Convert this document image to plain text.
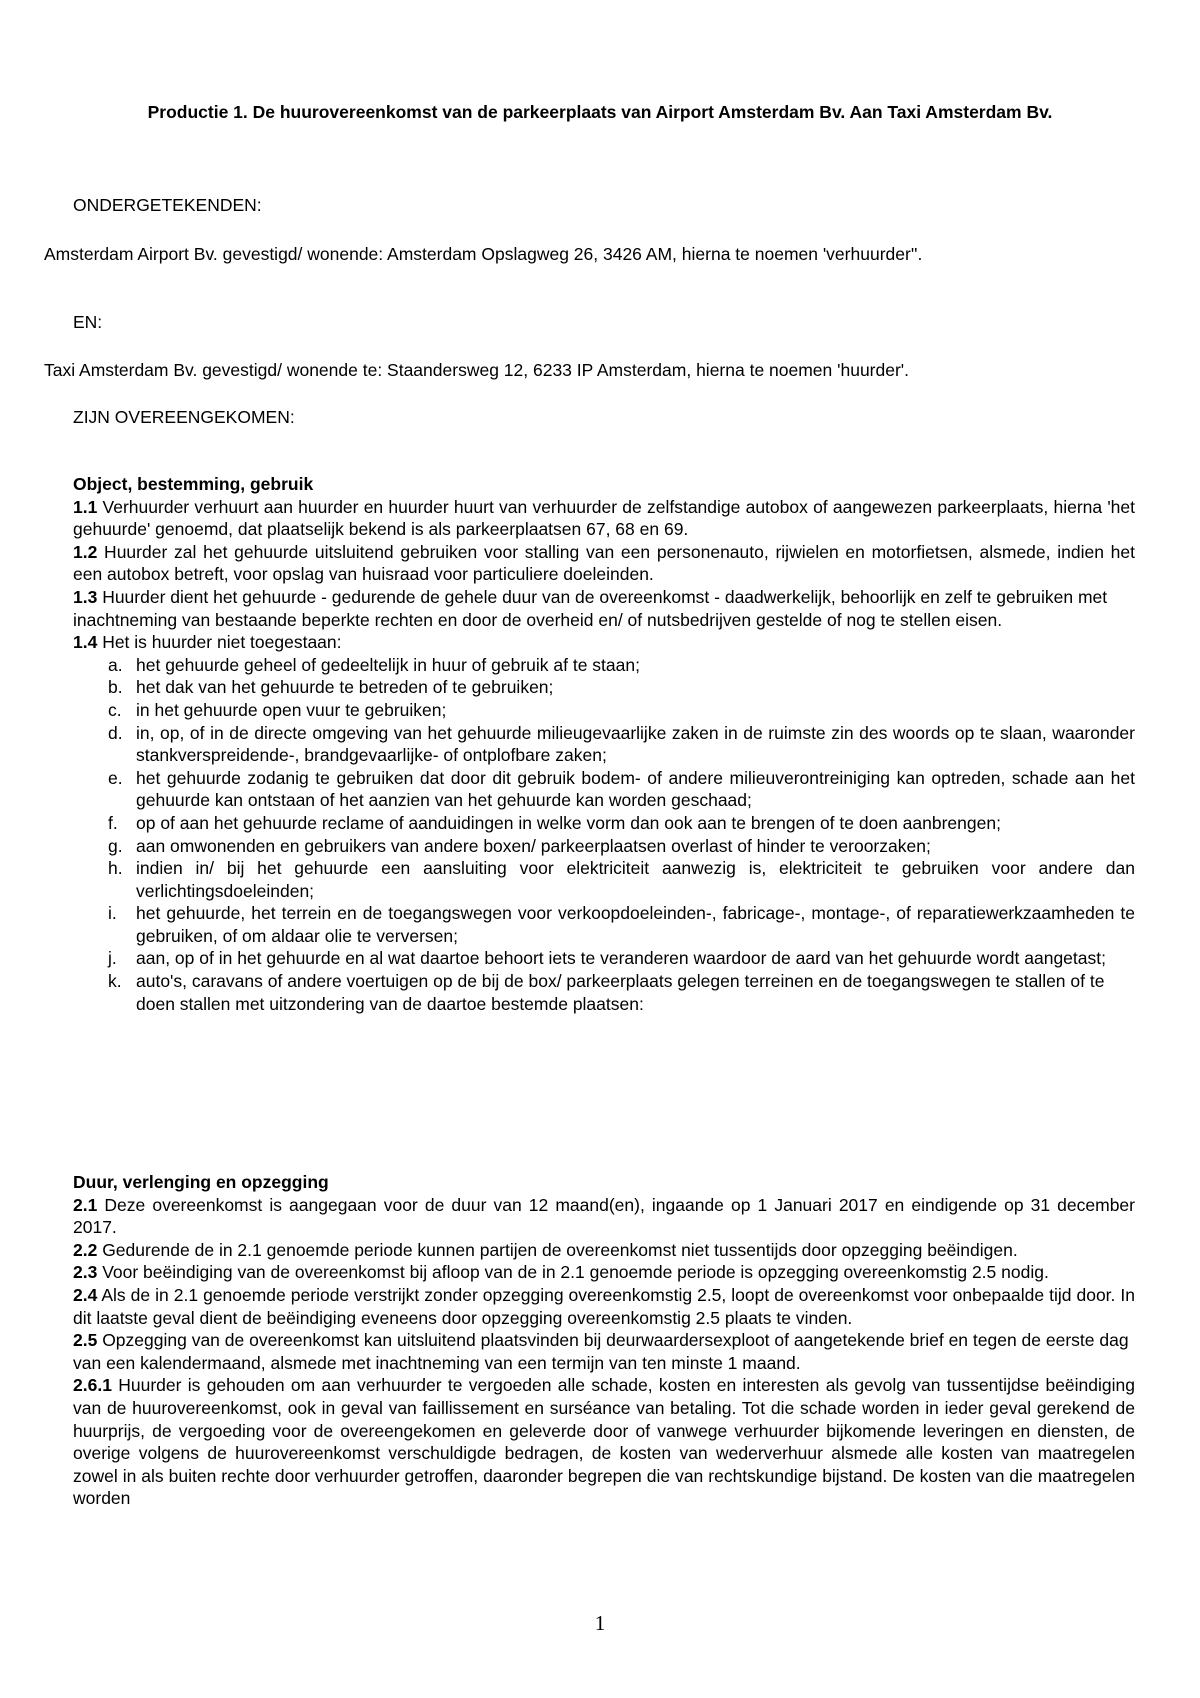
Productie 1. De huurovereenkomst van de parkeerplaats van Airport Amsterdam Bv. Aan Taxi Amsterdam Bv.
ONDERGETEKENDEN:
Amsterdam Airport Bv. gevestigd/ wonende: Amsterdam Opslagweg 26, 3426 AM, hierna te noemen 'verhuurder''.
EN:
Taxi Amsterdam Bv. gevestigd/ wonende te: Staandersweg 12, 6233 IP Amsterdam, hierna te noemen 'huurder'.
ZIJN OVEREENGEKOMEN:
Object, bestemming, gebruik

1.1 Verhuurder verhuurt aan huurder en huurder huurt van verhuurder de zelfstandige autobox of aangewezen parkeerplaats, hierna 'het gehuurde' genoemd, dat plaatselijk bekend is als parkeerplaatsen 67, 68 en 69.

1.2 Huurder zal het gehuurde uitsluitend gebruiken voor stalling van een personenauto, rijwielen en motorfietsen, alsmede, indien het een autobox betreft, voor opslag van huisraad voor particuliere doeleinden.

1.3 Huurder dient het gehuurde - gedurende de gehele duur van de overeenkomst - daadwerkelijk, behoorlijk en zelf te gebruiken met inachtneming van bestaande beperkte rechten en door de overheid en/ of nutsbedrijven gestelde of nog te stellen eisen.

1.4 Het is huurder niet toegestaan:

a. het gehuurde geheel of gedeeltelijk in huur of gebruik af te staan;
b. het dak van het gehuurde te betreden of te gebruiken;
c. in het gehuurde open vuur te gebruiken;
d. in, op, of in de directe omgeving van het gehuurde milieugevaarlijke zaken in de ruimste zin des woords op te slaan, waaronder stankverspreidende-, brandgevaarlijke- of ontplofbare zaken;
e. het gehuurde zodanig te gebruiken dat door dit gebruik bodem- of andere milieuverontreiniging kan optreden, schade aan het gehuurde kan ontstaan of het aanzien van het gehuurde kan worden geschaad;
f. op of aan het gehuurde reclame of aanduidingen in welke vorm dan ook aan te brengen of te doen aanbrengen;
g. aan omwonenden en gebruikers van andere boxen/ parkeerplaatsen overlast of hinder te veroorzaken;
h. indien in/ bij het gehuurde een aansluiting voor elektriciteit aanwezig is, elektriciteit te gebruiken voor andere dan verlichtingsdoeleinden;
i. het gehuurde, het terrein en de toegangswegen voor verkoopdoeleinden-, fabricage-, montage-, of reparatiewerkzaamheden te gebruiken, of om aldaar olie te verversen;
j. aan, op of in het gehuurde en al wat daartoe behoort iets te veranderen waardoor de aard van het gehuurde wordt aangetast;
k. auto's, caravans of andere voertuigen op de bij de box/ parkeerplaats gelegen terreinen en de toegangswegen te stallen of te doen stallen met uitzondering van de daartoe bestemde plaatsen:
Duur, verlenging en opzegging

2.1 Deze overeenkomst is aangegaan voor de duur van 12 maand(en), ingaande op 1 Januari 2017 en eindigende op 31 december 2017.

2.2 Gedurende de in 2.1 genoemde periode kunnen partijen de overeenkomst niet tussentijds door opzegging beëindigen.

2.3 Voor beëindiging van de overeenkomst bij afloop van de in 2.1 genoemde periode is opzegging overeenkomstig 2.5 nodig.

2.4 Als de in 2.1 genoemde periode verstrijkt zonder opzegging overeenkomstig 2.5, loopt de overeenkomst voor onbepaalde tijd door. In dit laatste geval dient de beëindiging eveneens door opzegging overeenkomstig 2.5 plaats te vinden.

2.5 Opzegging van de overeenkomst kan uitsluitend plaatsvinden bij deurwaardersexploot of aangetekende brief en tegen de eerste dag van een kalendermaand, alsmede met inachtneming van een termijn van ten minste 1 maand.

2.6.1 Huurder is gehouden om aan verhuurder te vergoeden alle schade, kosten en interesten als gevolg van tussentijdse beëindiging van de huurovereenkomst, ook in geval van faillissement en surséance van betaling. Tot die schade worden in ieder geval gerekend de huurprijs, de vergoeding voor de overeengekomen en geleverde door of vanwege verhuurder bijkomende leveringen en diensten, de overige volgens de huurovereenkomst verschuldigde bedragen, de kosten van wederverhuur alsmede alle kosten van maatregelen zowel in als buiten rechte door verhuurder getroffen, daaronder begrepen die van rechtskundige bijstand. De kosten van die maatregelen worden

1
